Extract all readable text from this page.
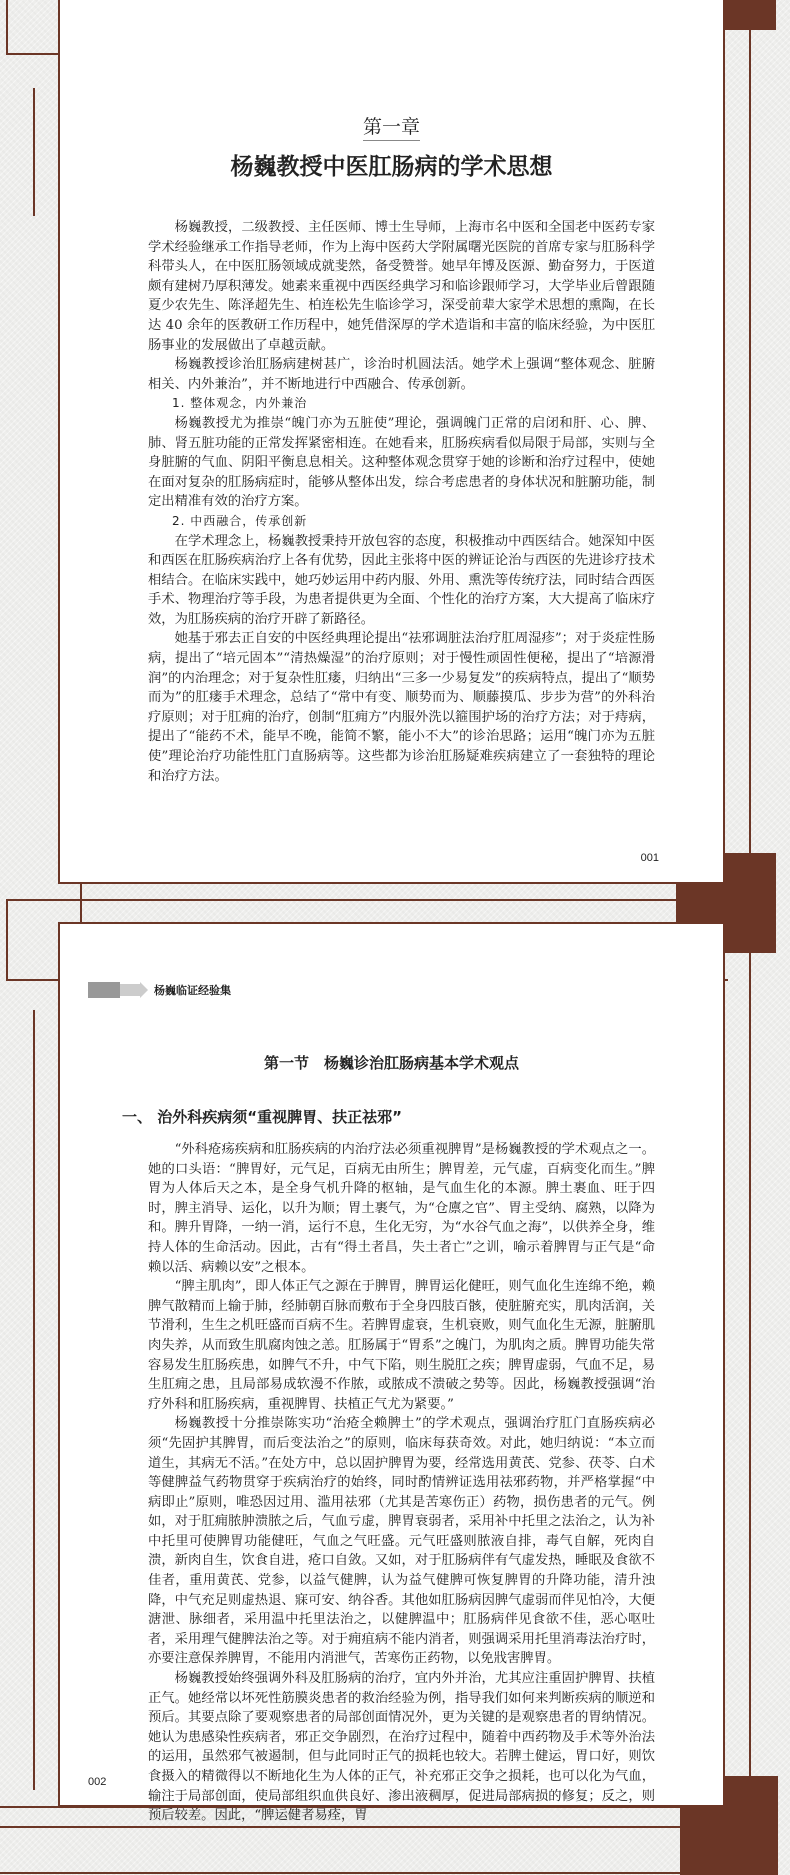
第一章
杨巍教授中医肛肠病的学术思想

杨巍教授，二级教授、主任医师、博士生导师，上海市名中医和全国老中医药专家学术经验继承工作指导老师，作为上海中医药大学附属曙光医院的首席专家与肛肠科学科带头人，在中医肛肠领域成就斐然，备受赞誉。她早年博及医源、勤奋努力，于医道颇有建树乃厚积薄发。她素来重视中西医经典学习和临诊跟师学习，大学毕业后曾跟随夏少农先生、陈泽超先生、柏连松先生临诊学习，深受前辈大家学术思想的熏陶，在长达 40 余年的医教研工作历程中，她凭借深厚的学术造诣和丰富的临床经验，为中医肛肠事业的发展做出了卓越贡献。

杨巍教授诊治肛肠病建树甚广，诊治时机圆法活。她学术上强调“整体观念、脏腑相关、内外兼治”，并不断地进行中西融合、传承创新。

1. 整体观念，内外兼治

杨巍教授尤为推崇“魄门亦为五脏使”理论，强调魄门正常的启闭和肝、心、脾、肺、肾五脏功能的正常发挥紧密相连。在她看来，肛肠疾病看似局限于局部，实则与全身脏腑的气血、阴阳平衡息息相关。这种整体观念贯穿于她的诊断和治疗过程中，使她在面对复杂的肛肠病症时，能够从整体出发，综合考虑患者的身体状况和脏腑功能，制定出精准有效的治疗方案。

2. 中西融合，传承创新

在学术理念上，杨巍教授秉持开放包容的态度，积极推动中西医结合。她深知中医和西医在肛肠疾病治疗上各有优势，因此主张将中医的辨证论治与西医的先进诊疗技术相结合。在临床实践中，她巧妙运用中药内服、外用、熏洗等传统疗法，同时结合西医手术、物理治疗等手段，为患者提供更为全面、个性化的治疗方案，大大提高了临床疗效，为肛肠疾病的治疗开辟了新路径。

她基于邪去正自安的中医经典理论提出“祛邪调脏法治疗肛周湿疹”；对于炎症性肠病，提出了“培元固本”“清热燥湿”的治疗原则；对于慢性顽固性便秘，提出了“培源滑润”的内治理念；对于复杂性肛瘘，归纳出“三多一少易复发”的疾病特点，提出了“顺势而为”的肛瘘手术理念，总结了“常中有变、顺势而为、顺藤摸瓜、步步为营”的外科治疗原则；对于肛痈的治疗，创制“肛痈方”内服外洗以箍围护场的治疗方法；对于痔病，提出了“能药不术，能早不晚，能简不繁，能小不大”的诊治思路；运用“魄门亦为五脏使”理论治疗功能性肛门直肠病等。这些都为诊治肛肠疑难疾病建立了一套独特的理论和治疗方法。

001
杨巍临证经验集
第一节　杨巍诊治肛肠病基本学术观点
一、 治外科疾病须“重视脾胃、扶正祛邪”

“外科疮疡疾病和肛肠疾病的内治疗法必须重视脾胃”是杨巍教授的学术观点之一。她的口头语：“脾胃好，元气足，百病无由所生；脾胃差，元气虚，百病变化而生。”脾胃为人体后天之本，是全身气机升降的枢轴，是气血生化的本源。脾土裹血、旺于四时，脾主消导、运化，以升为顺；胃土裹气，为“仓廪之官”、胃主受纳、腐熟，以降为和。脾升胃降，一纳一消，运行不息，生化无穷，为“水谷气血之海”，以供养全身，维持人体的生命活动。因此，古有“得土者昌，失土者亡”之训，喻示着脾胃与正气是“命赖以活、病赖以安”之根本。

“脾主肌肉”，即人体正气之源在于脾胃，脾胃运化健旺，则气血化生连绵不绝，赖脾气散精而上输于肺，经肺朝百脉而敷布于全身四肢百骸，使脏腑充实，肌肉活润，关节滑利，生生之机旺盛而百病不生。若脾胃虚衰，生机衰败，则气血化生无源，脏腑肌肉失养，从而致生肌腐肉蚀之恙。肛肠属于“胃系”之魄门，为肌肉之质。脾胃功能失常容易发生肛肠疾患，如脾气不升，中气下陷，则生脱肛之疾；脾胃虚弱，气血不足，易生肛痈之患，且局部易成软漫不作脓，或脓成不溃破之势等。因此，杨巍教授强调“治疗外科和肛肠疾病，重视脾胃、扶植正气尤为紧要。”

杨巍教授十分推崇陈实功“治疮全赖脾土”的学术观点，强调治疗肛门直肠疾病必须“先固护其脾胃，而后变法治之”的原则，临床每获奇效。对此，她归纳说：“本立而道生，其病无不活。”在处方中，总以固护脾胃为要，经常选用黄芪、党参、茯苓、白术等健脾益气药物贯穿于疾病治疗的始终，同时酌情辨证选用祛邪药物，并严格掌握“中病即止”原则，唯恐因过用、滥用祛邪（尤其是苦寒伤正）药物，损伤患者的元气。例如，对于肛痈脓肿溃脓之后，气血亏虚，脾胃衰弱者，采用补中托里之法治之，认为补中托里可使脾胃功能健旺，气血之气旺盛。元气旺盛则脓液自排，毒气自解，死肉自溃，新肉自生，饮食自进，疮口自敛。又如，对于肛肠病伴有气虚发热，睡眠及食欲不佳者，重用黄芪、党参，以益气健脾，认为益气健脾可恢复脾胃的升降功能，清升浊降，中气充足则虚热退、寐可安、纳谷香。其他如肛肠病因脾气虚弱而伴见怕冷，大便溏泄、脉细者，采用温中托里法治之，以健脾温中；肛肠病伴见食欲不佳，恶心呕吐者，采用理气健脾法治之等。对于痈疽病不能内消者，则强调采用托里消毒法治疗时，亦要注意保养脾胃，不能用内消泄气，苦寒伤正药物，以免戕害脾胃。

杨巍教授始终强调外科及肛肠病的治疗，宜内外并治，尤其应注重固护脾胃、扶植正气。她经常以坏死性筋膜炎患者的救治经验为例，指导我们如何来判断疾病的顺逆和预后。其要点除了要观察患者的局部创面情况外，更为关键的是观察患者的胃纳情况。她认为患感染性疾病者，邪正交争剧烈，在治疗过程中，随着中西药物及手术等外治法的运用，虽然邪气被遏制，但与此同时正气的损耗也较大。若脾土健运，胃口好，则饮食摄入的精微得以不断地化生为人体的正气，补充邪正交争之损耗，也可以化为气血，输注于局部创面，使局部组织血供良好、渗出液稠厚，促进局部病损的修复；反之，则预后较差。因此，“脾运健者易痊，胃

002
